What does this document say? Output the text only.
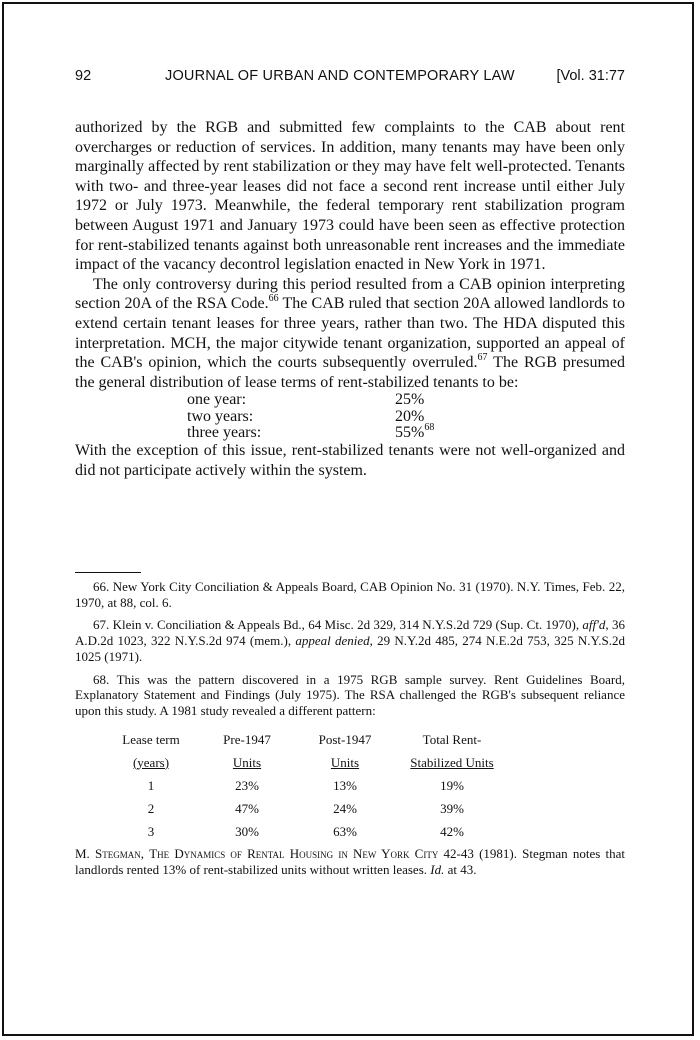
92	JOURNAL OF URBAN AND CONTEMPORARY LAW	[Vol. 31:77

authorized by the RGB and submitted few complaints to the CAB about rent overcharges or reduction of services. In addition, many tenants may have been only marginally affected by rent stabilization or they may have felt well-protected. Tenants with two- and three-year leases did not face a second rent increase until either July 1972 or July 1973. Meanwhile, the federal temporary rent stabilization program between August 1971 and January 1973 could have been seen as effective protection for rent-stabilized tenants against both unreasonable rent increases and the immediate impact of the vacancy decontrol legislation enacted in New York in 1971.

The only controversy during this period resulted from a CAB opinion interpreting section 20A of the RSA Code.$^{66}$ The CAB ruled that section 20A allowed landlords to extend certain tenant leases for three years, rather than two. The HDA disputed this interpretation. MCH, the major citywide tenant organization, supported an appeal of the CAB's opinion, which the courts subsequently overruled.$^{67}$ The RGB presumed the general distribution of lease terms of rent-stabilized tenants to be:

one year:	25%
two years:	20%
three years:	55%$^{68}$

With the exception of this issue, rent-stabilized tenants were not well-organized and did not participate actively within the system.

66. New York City Conciliation & Appeals Board, CAB Opinion No. 31 (1970). N.Y. Times, Feb. 22, 1970, at 88, col. 6.

67. Klein v. Conciliation & Appeals Bd., 64 Misc. 2d 329, 314 N.Y.S.2d 729 (Sup. Ct. 1970), aff'd, 36 A.D.2d 1023, 322 N.Y.S.2d 974 (mem.), appeal denied, 29 N.Y.2d 485, 274 N.E.2d 753, 325 N.Y.S.2d 1025 (1971).

68. This was the pattern discovered in a 1975 RGB sample survey. Rent Guidelines Board, Explanatory Statement and Findings (July 1975). The RSA challenged the RGB's subsequent reliance upon this study. A 1981 study revealed a different pattern:

Lease term	Pre-1947	Post-1947	Total Rent-
(years)	Units	Units	Stabilized Units
1	23%	13%	19%
2	47%	24%	39%
3	30%	63%	42%

M. Stegman, The Dynamics of Rental Housing in New York City 42-43 (1981). Stegman notes that landlords rented 13% of rent-stabilized units without written leases. Id. at 43.
